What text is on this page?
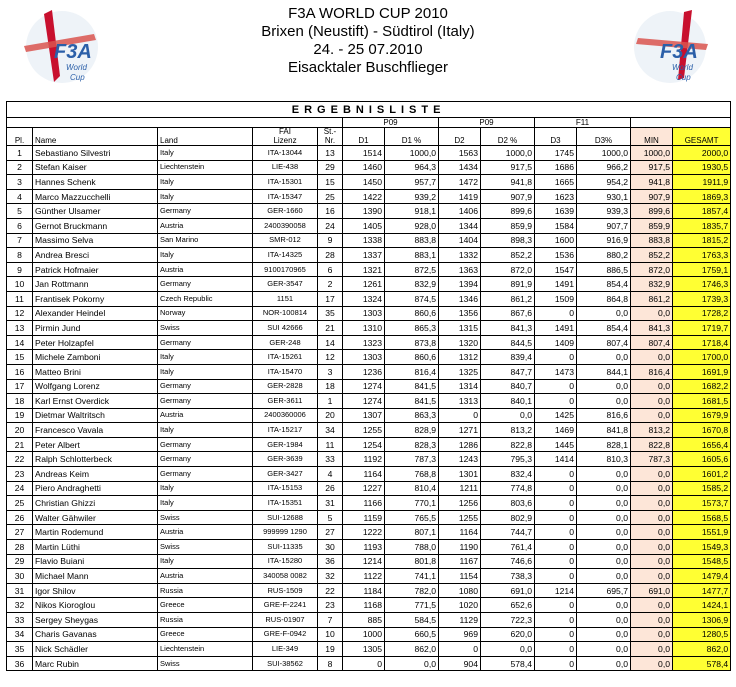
F3A
World
Cup
F3A
World
Cup
F3A WORLD CUP 2010
Brixen (Neustift) - Südtirol (Italy)
24. - 25 07.2010
Eisacktaler Buschflieger
ERGEBNISLISTE												
					P09		P09		F11			
Pl.	Name	Land	FAI
Lizenz	St.-
Nr.	D1	D1 %	D2	D2 %	D3	D3%	MIN	GESAMT
1	Sebastiano Silvestri	Italy	ITA-13044	13	1514	1000,0	1563	1000,0	1745	1000,0	1000,0	2000,0
2	Stefan Kaiser	Liechtenstein	LIE-438	29	1460	964,3	1434	917,5	1686	966,2	917,5	1930,5
3	Hannes Schenk	Italy	ITA-15301	15	1450	957,7	1472	941,8	1665	954,2	941,8	1911,9
4	Marco Mazzucchelli	Italy	ITA-15347	25	1422	939,2	1419	907,9	1623	930,1	907,9	1869,3
5	Günther Ulsamer	Germany	GER-1660	16	1390	918,1	1406	899,6	1639	939,3	899,6	1857,4
6	Gernot Bruckmann	Austria	2400390058	24	1405	928,0	1344	859,9	1584	907,7	859,9	1835,7
7	Massimo Selva	San Marino	SMR-012	9	1338	883,8	1404	898,3	1600	916,9	883,8	1815,2
8	Andrea Bresci	Italy	ITA-14325	28	1337	883,1	1332	852,2	1536	880,2	852,2	1763,3
9	Patrick Hofmaier	Austria	9100170965	6	1321	872,5	1363	872,0	1547	886,5	872,0	1759,1
10	Jan Rottmann	Germany	GER-3547	2	1261	832,9	1394	891,9	1491	854,4	832,9	1746,3
11	Frantisek Pokorny	Czech Republic	1151	17	1324	874,5	1346	861,2	1509	864,8	861,2	1739,3
12	Alexander Heindel	Norway	NOR-100814	35	1303	860,6	1356	867,6	0	0,0	0,0	1728,2
13	Pirmin Jund	Swiss	SUI 42666	21	1310	865,3	1315	841,3	1491	854,4	841,3	1719,7
14	Peter Holzapfel	Germany	GER-248	14	1323	873,8	1320	844,5	1409	807,4	807,4	1718,4
15	Michele Zamboni	Italy	ITA-15261	12	1303	860,6	1312	839,4	0	0,0	0,0	1700,0
16	Matteo Brini	Italy	ITA-15470	3	1236	816,4	1325	847,7	1473	844,1	816,4	1691,9
17	Wolfgang Lorenz	Germany	GER-2828	18	1274	841,5	1314	840,7	0	0,0	0,0	1682,2
18	Karl Ernst Overdick	Germany	GER-3611	1	1274	841,5	1313	840,1	0	0,0	0,0	1681,5
19	Dietmar Waltritsch	Austria	2400360006	20	1307	863,3	0	0,0	1425	816,6	0,0	1679,9
20	Francesco Vavala	Italy	ITA-15217	34	1255	828,9	1271	813,2	1469	841,8	813,2	1670,8
21	Peter Albert	Germany	GER-1984	11	1254	828,3	1286	822,8	1445	828,1	822,8	1656,4
22	Ralph Schlotterbeck	Germany	GER-3639	33	1192	787,3	1243	795,3	1414	810,3	787,3	1605,6
23	Andreas Keim	Germany	GER-3427	4	1164	768,8	1301	832,4	0	0,0	0,0	1601,2
24	Piero Andraghetti	Italy	ITA-15153	26	1227	810,4	1211	774,8	0	0,0	0,0	1585,2
25	Christian Ghizzi	Italy	ITA-15351	31	1166	770,1	1256	803,6	0	0,0	0,0	1573,7
26	Walter Gähwiler	Swiss	SUI-12688	5	1159	765,5	1255	802,9	0	0,0	0,0	1568,5
27	Martin Rodemund	Austria	999999 1290	27	1222	807,1	1164	744,7	0	0,0	0,0	1551,9
28	Martin Lüthi	Swiss	SUI-11335	30	1193	788,0	1190	761,4	0	0,0	0,0	1549,3
29	Flavio Buiani	Italy	ITA-15280	36	1214	801,8	1167	746,6	0	0,0	0,0	1548,5
30	Michael Mann	Austria	340058 0082	32	1122	741,1	1154	738,3	0	0,0	0,0	1479,4
31	Igor Shilov	Russia	RUS-1509	22	1184	782,0	1080	691,0	1214	695,7	691,0	1477,7
32	Nikos Kioroglou	Greece	GRE-F-2241	23	1168	771,5	1020	652,6	0	0,0	0,0	1424,1
33	Sergey Sheygas	Russia	RUS-01907	7	885	584,5	1129	722,3	0	0,0	0,0	1306,9
34	Charis Gavanas	Greece	GRE-F-0942	10	1000	660,5	969	620,0	0	0,0	0,0	1280,5
35	Nick Schädler	Liechtenstein	LIE-349	19	1305	862,0	0	0,0	0	0,0	0,0	862,0
36	Marc Rubin	Swiss	SUI-38562	8	0	0,0	904	578,4	0	0,0	0,0	578,4
